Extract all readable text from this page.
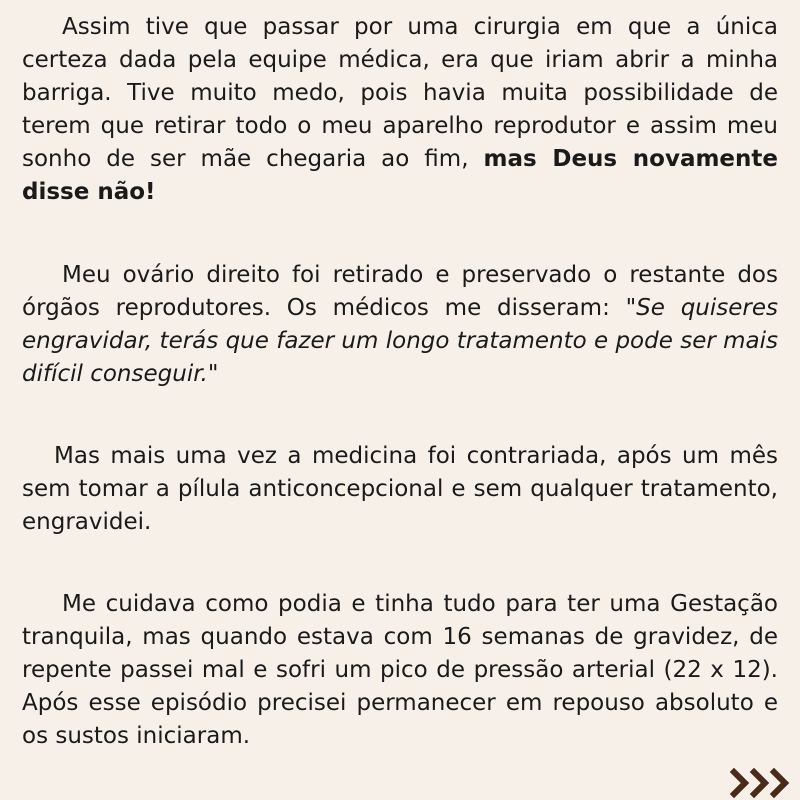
Assim tive que passar por uma cirurgia em que a única certeza dada pela equipe médica, era que iriam abrir a minha barriga. Tive muito medo, pois havia muita possibilidade de terem que retirar todo o meu aparelho reprodutor e assim meu sonho de ser mãe chegaria ao fim, mas Deus novamente disse não!

Meu ovário direito foi retirado e preservado o restante dos órgãos reprodutores. Os médicos me disseram: "Se quiseres engravidar, terás que fazer um longo tratamento e pode ser mais difícil conseguir."

Mas mais uma vez a medicina foi contrariada, após um mês sem tomar a pílula anticoncepcional e sem qualquer tratamento, engravidei.

Me cuidava como podia e tinha tudo para ter uma Gestação tranquila, mas quando estava com 16 semanas de gravidez, de repente passei mal e sofri um pico de pressão arterial (22 x 12). Após esse episódio precisei permanecer em repouso absoluto e os sustos iniciaram.
